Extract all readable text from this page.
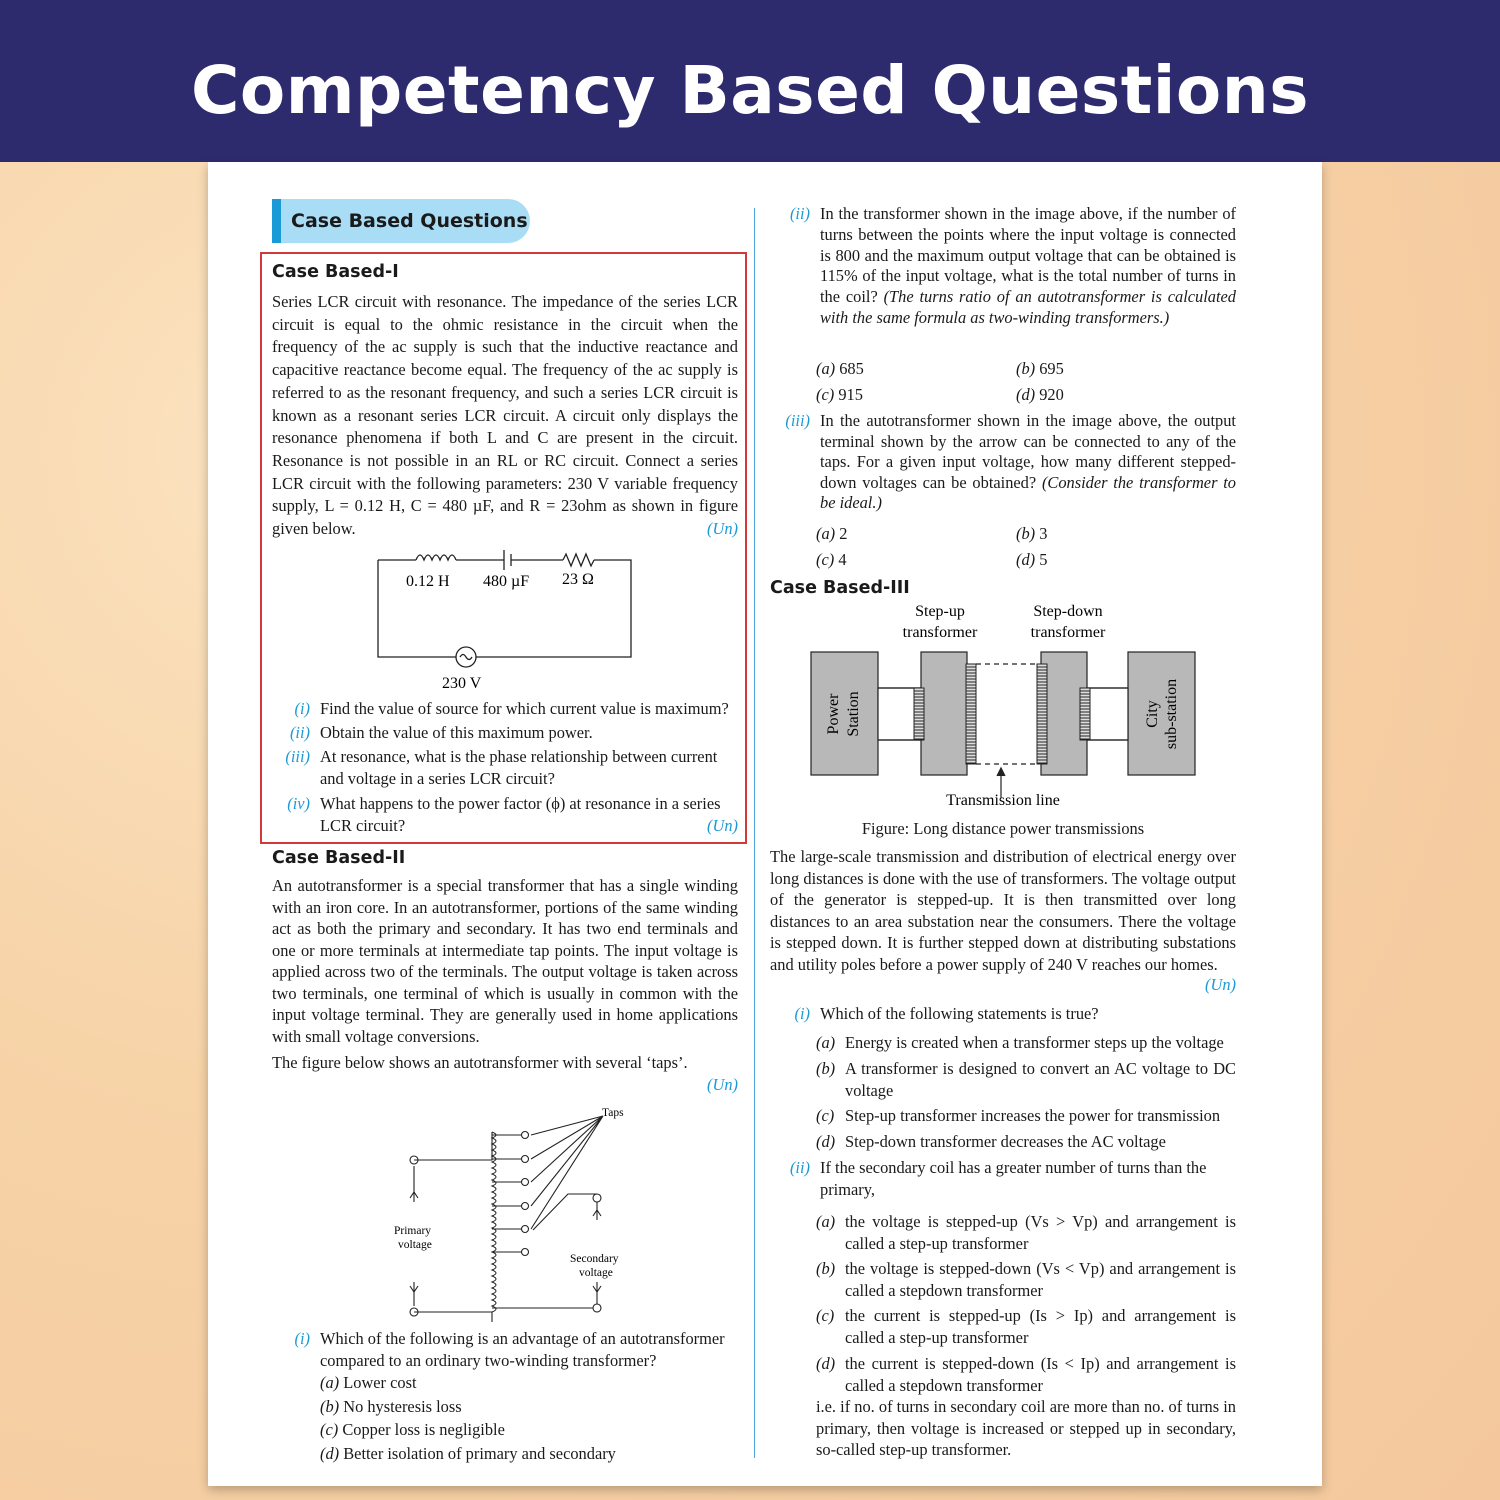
Competency Based Questions
Case Based Questions
Case Based-I
Series LCR circuit with resonance. The impedance of the series LCR circuit is equal to the ohmic resistance in the circuit when the frequency of the ac supply is such that the inductive reactance and capacitive reactance become equal. The frequency of the ac supply is referred to as the resonant frequency, and such a series LCR circuit is known as a resonant series LCR circuit. A circuit only displays the resonance phenomena if both L and C are present in the circuit. Resonance is not possible in an RL or RC circuit. Connect a series LCR circuit with the following parameters: 230 V variable frequency supply, L = 0.12 H, C = 480 µF, and R = 23ohm as shown in figure given below.	(Un)
0.12 H 480 µF 23 Ω
230 V
(i) Find the value of source for which current value is maximum?
(ii) Obtain the value of this maximum power.
(iii) At resonance, what is the phase relationship between current and voltage in a series LCR circuit?
(iv) What happens to the power factor (ϕ) at resonance in a series LCR circuit?	(Un)
Case Based-II
An autotransformer is a special transformer that has a single winding with an iron core. In an autotransformer, portions of the same winding act as both the primary and secondary. It has two end terminals and one or more terminals at intermediate tap points. The input voltage is applied across two of the terminals. The output voltage is taken across two terminals, one terminal of which is usually in common with the input voltage terminal. They are generally used in home applications with small voltage conversions.
The figure below shows an autotransformer with several ‘taps’.
(Un)
Taps
Primary
voltage
Secondary
voltage
(i) Which of the following is an advantage of an autotransformer compared to an ordinary two-winding transformer?
(a) Lower cost
(b) No hysteresis loss
(c) Copper loss is negligible
(d) Better isolation of primary and secondary
(ii) In the transformer shown in the image above, if the number of turns between the points where the input voltage is connected is 800 and the maximum output voltage that can be obtained is 115% of the input voltage, what is the total number of turns in the coil? (The turns ratio of an autotransformer is calculated with the same formula as two-winding transformers.)
(a) 685	(b) 695
(c) 915	(d) 920
(iii) In the autotransformer shown in the image above, the output terminal shown by the arrow can be connected to any of the taps. For a given input voltage, how many different stepped-down voltages can be obtained? (Consider the transformer to be ideal.)
(a) 2	(b) 3
(c) 4	(d) 5
Case Based-III
Step-up
transformer
Step-down
transformer
Power Station	City sub-station
Transmission line
Figure: Long distance power transmissions
The large-scale transmission and distribution of electrical energy over long distances is done with the use of transformers. The voltage output of the generator is stepped-up. It is then transmitted over long distances to an area substation near the consumers. There the voltage is stepped down. It is further stepped down at distributing substations and utility poles before a power supply of 240 V reaches our homes.
(Un)
(i) Which of the following statements is true?
(a) Energy is created when a transformer steps up the voltage
(b) A transformer is designed to convert an AC voltage to DC voltage
(c) Step-up transformer increases the power for transmission
(d) Step-down transformer decreases the AC voltage
(ii) If the secondary coil has a greater number of turns than the primary,
(a) the voltage is stepped-up (Vs > Vp) and arrangement is called a step-up transformer
(b) the voltage is stepped-down (Vs < Vp) and arrangement is called a stepdown transformer
(c) the current is stepped-up (Is > Ip) and arrangement is called a step-up transformer
(d) the current is stepped-down (Is < Ip) and arrangement is called a stepdown transformer
i.e. if no. of turns in secondary coil are more than no. of turns in primary, then voltage is increased or stepped up in secondary, so-called step-up transformer.
